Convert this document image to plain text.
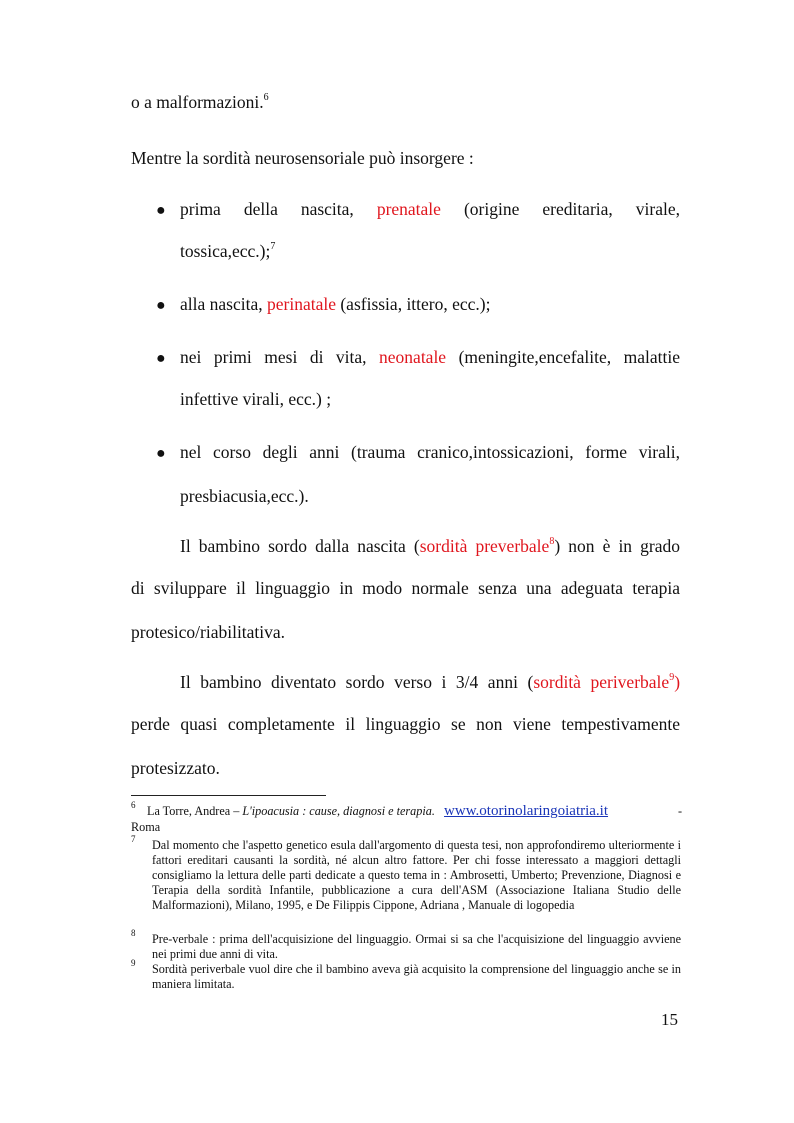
o a malformazioni.$^6$
Mentre la sordità neurosensoriale può insorgere :
● prima della nascita, prenatale (origine ereditaria, virale,
tossica,ecc.);$^7$
● alla nascita, perinatale (asfissia, ittero, ecc.);
● nei primi mesi di vita, neonatale (meningite,encefalite, malattie
infettive virali, ecc.) ;
● nel corso degli anni (trauma cranico,intossicazioni, forme virali,
presbiacusia,ecc.).
Il bambino sordo dalla nascita (sordità preverbale$^8$) non è in grado
di sviluppare il linguaggio in modo normale senza una adeguata terapia
protesico/riabilitativa.
Il bambino diventato sordo verso i 3/4 anni (sordità periverbale$^9$)
perde quasi completamente il linguaggio se non viene tempestivamente
protesizzato.
6 La Torre, Andrea – L'ipoacusia : cause, diagnosi e terapia. www.otorinolaringoiatria.it	-
Roma
7 Dal momento che l'aspetto genetico esula dall'argomento di questa tesi, non approfondiremo ulteriormente i fattori ereditari causanti la sordità, né alcun altro fattore. Per chi fosse interessato a maggiori dettagli consigliamo la lettura delle parti dedicate a questo tema in : Ambrosetti, Umberto; Prevenzione, Diagnosi e Terapia della sordità Infantile, pubblicazione a cura dell'ASM (Associazione Italiana Studio delle Malformazioni), Milano, 1995, e De Filippis Cippone, Adriana , Manuale di logopedia
8 Pre-verbale : prima dell'acquisizione del linguaggio. Ormai si sa che l'acquisizione del linguaggio avviene nei primi due anni di vita.
9 Sordità periverbale vuol dire che il bambino aveva già acquisito la comprensione del linguaggio anche se in maniera limitata.
15
